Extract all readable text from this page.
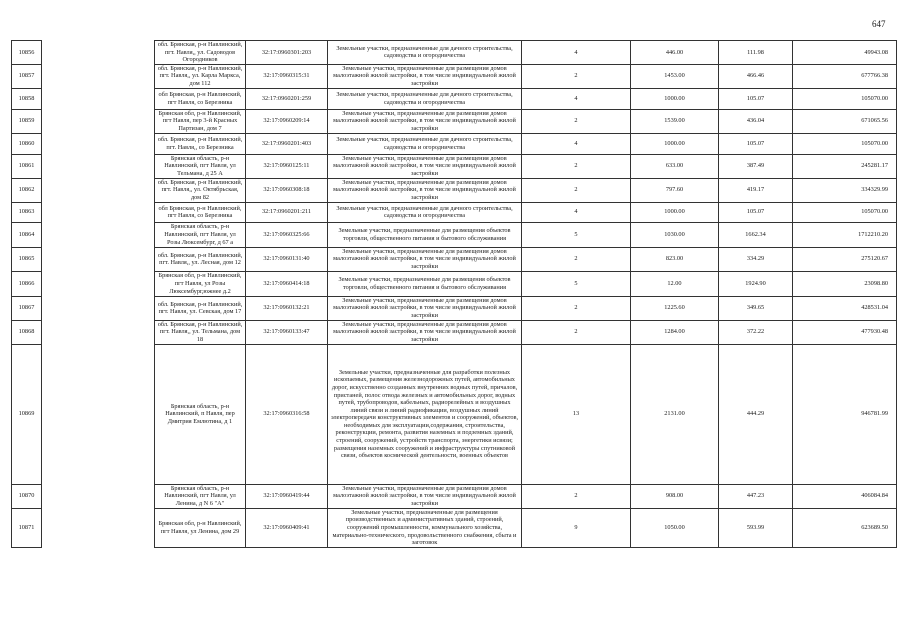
647
10856		обл. Брянская, р-н Навлинский, пгт. Навля,, ул. Садоводов Огородников	32:17:0960301:203	Земельные участки, предназначенные для дачного строительства, садоводства и огородничества	4	446.00	111.98	49943.08
10857		обл. Брянская, р-н Навлинский, пгт. Навля,, ул. Карла Маркса, дом 112	32:17:0960315:31	Земельные участки, предназначенные для размещения домов малоэтажной жилой застройки, в том числе индивидуальной жилой застройки	2	1453.00	466.46	677766.38
10858		обл Брянская, р-н Навлинский, пгт Навля, со Березника	32:17:0960201:259	Земельные участки, предназначенные для дачного строительства, садоводства и огородничества	4	1000.00	105.07	105070.00
10859		Брянская обл, р-н Навлинский, пгт Навля, пер 3-й Красных Партизан, дом 7	32:17:0960209:14	Земельные участки, предназначенные для размещения домов малоэтажной жилой застройки, в том числе индивидуальной жилой застройки	2	1539.00	436.04	671065.56
10860		обл. Брянская, р-н Навлинский, пгт. Навля,, со Березника	32:17:0960201:403	Земельные участки, предназначенные для дачного строительства, садоводства и огородничества	4	1000.00	105.07	105070.00
10861		Брянская область, р-н Навлинский, пгт Навля, ул Тельмана, д 25 А	32:17:0960125:11	Земельные участки, предназначенные для размещения домов малоэтажной жилой застройки, в том числе индивидуальной жилой застройки	2	633.00	387.49	245281.17
10862		обл. Брянская, р-н Навлинский, пгт. Навля,, ул. Октябрьская, дом 82	32:17:0960308:18	Земельные участки, предназначенные для размещения домов малоэтажной жилой застройки, в том числе индивидуальной жилой застройки	2	797.60	419.17	334329.99
10863		обл Брянская, р-н Навлинский, пгт Навля, со Березника	32:17:0960201:211	Земельные участки, предназначенные для дачного строительства, садоводства и огородничества	4	1000.00	105.07	105070.00
10864		Брянская область, р-н Навлинский, пгт Навля, ул Розы Люксембург, д 67 а	32:17:0960325:66	Земельные участки, предназначенные для размещения объектов торговли, общественного питания и бытового обслуживания	5	1030.00	1662.34	1712210.20
10865		обл. Брянская, р-н Навлинский, пгт. Навля,, ул. Лесная, дом 12	32:17:0960131:40	Земельные участки, предназначенные для размещения домов малоэтажной жилой застройки, в том числе индивидуальной жилой застройки	2	823.00	334.29	275120.67
10866		Брянская обл, р-н Навлинский, пгт Навля, ул Розы Люксембург,южнее д.2	32:17:0960414:18	Земельные участки, предназначенные для размещения объектов торговли, общественного питания и бытового обслуживания	5	12.00	1924.90	23098.80
10867		обл. Брянская, р-н Навлинский, пгт. Навля, ул. Севская, дом 17	32:17:0960132:21	Земельные участки, предназначенные для размещения домов малоэтажной жилой застройки, в том числе индивидуальной жилой застройки	2	1225.60	349.65	428531.04
10868		обл. Брянская, р-н Навлинский, пгт. Навля,, ул. Тельмана, дом 18	32:17:0960133:47	Земельные участки, предназначенные для размещения домов малоэтажной жилой застройки, в том числе индивидуальной жилой застройки	2	1284.00	372.22	477930.48
10869		Брянская область, р-н Навлинский, п Навля, пер Дмитрия Емлютина, д 1	32:17:0960316:58	Земельные участки, предназначенные для разработки полезных ископаемых, размещения железнодорожных путей, автомобильных дорог, искусственно созданных внутренних водных путей, причалов, пристаней, полос отвода железных и автомобильных дорог, водных путей, трубопроводов, кабельных, радиорелейных и воздушных линий связи и линий радиофикации, воздушных линий электропередачи конструктивных элементов и сооружений, объектов, необходимых для эксплуатации,содержания, строительства, реконструкции, ремонта, развития наземных и подземных зданий, строений, сооружений, устройств транспорта, энергетики исвязи; размещения наземных сооружений и инфраструктуры спутниковой связи, объектов космической деятельности, военных объектов	13	2131.00	444.29	946781.99
10870		Брянская область, р-н Навлинский, пгт Навля, ул Ленина, д N 6 "А"	32:17:0960419:44	Земельные участки, предназначенные для размещения домов малоэтажной жилой застройки, в том числе индивидуальной жилой застройки	2	908.00	447.23	406084.84
10871		Брянская обл, р-н Навлинский, пгт Навля, ул Ленина, дом 29	32:17:0960409:41	Земельные участки, предназначенные для размещения производственных и административных зданий, строений, сооружений промышленности, коммунального хозяйства, материально-технического, продовольственного снабжения, сбыта и заготовок	9	1050.00	593.99	623689.50
